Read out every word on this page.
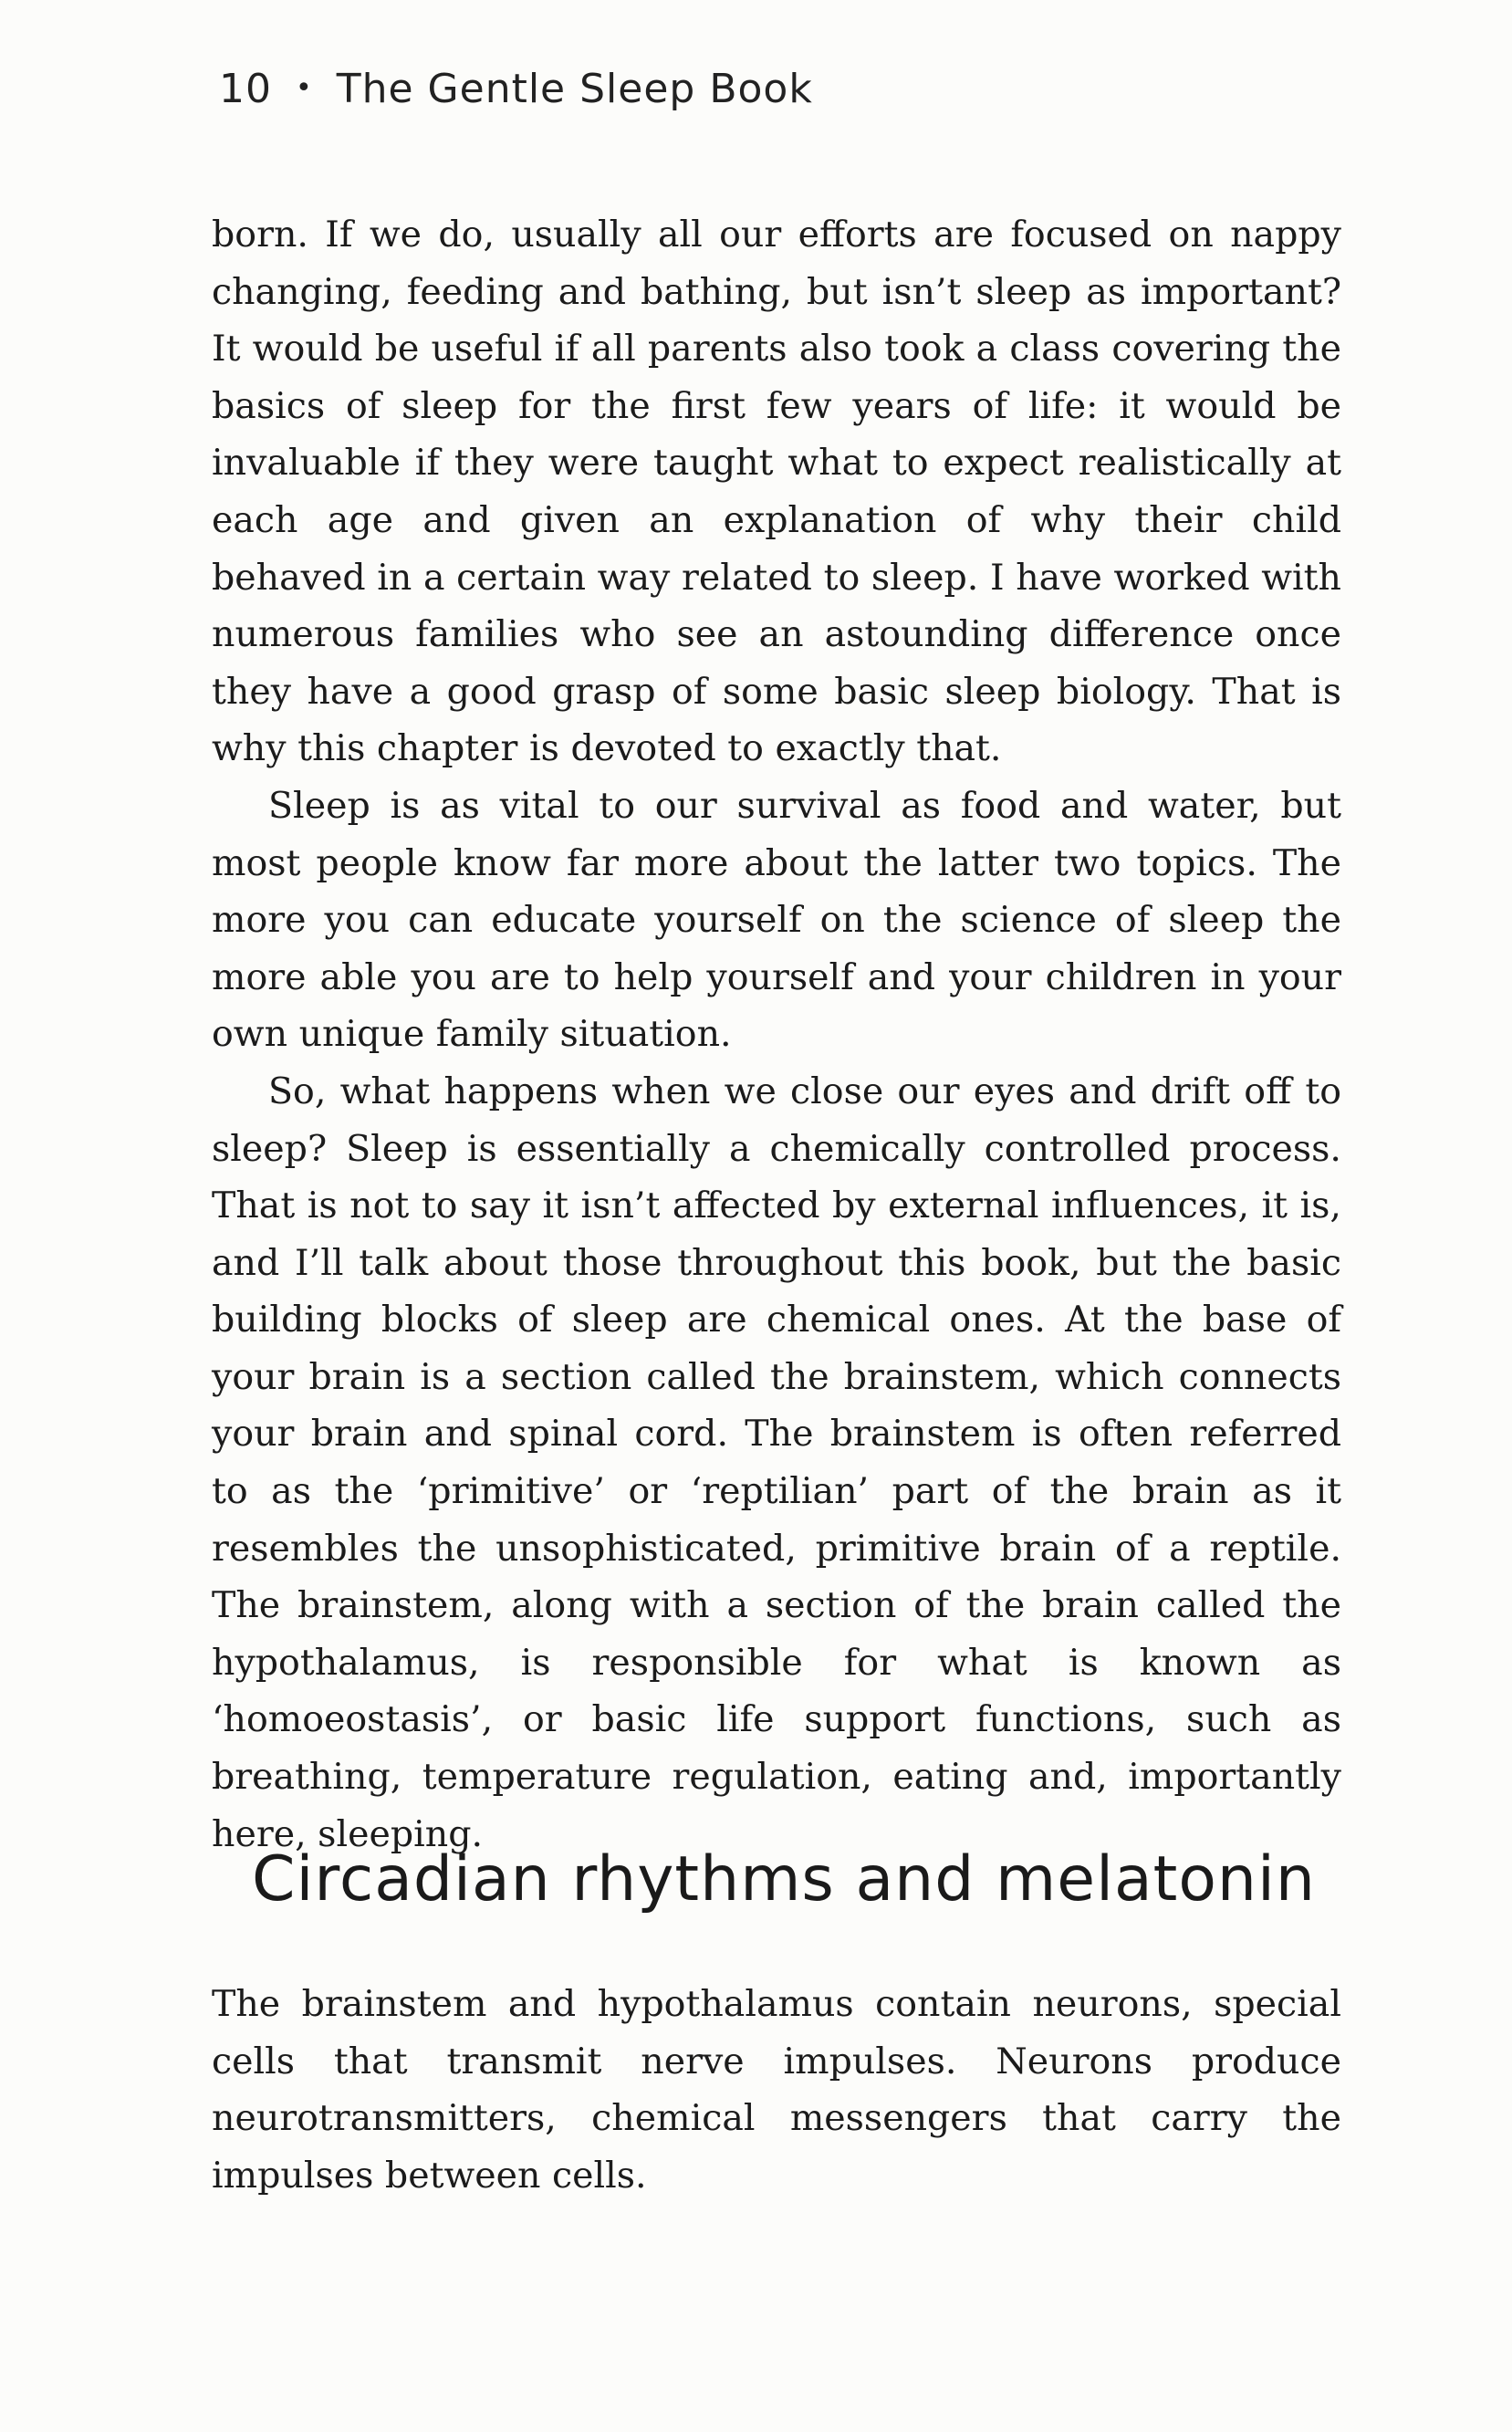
10 • The Gentle Sleep Book

born. If we do, usually all our efforts are focused on nappy changing, feeding and bathing, but isn’t sleep as important? It would be useful if all parents also took a class covering the basics of sleep for the first few years of life: it would be invaluable if they were taught what to expect realistically at each age and given an explanation of why their child behaved in a certain way related to sleep. I have worked with numerous families who see an astounding difference once they have a good grasp of some basic sleep biology. That is why this chapter is devoted to exactly that.

Sleep is as vital to our survival as food and water, but most people know far more about the latter two topics. The more you can educate yourself on the science of sleep the more able you are to help yourself and your children in your own unique family situation.

So, what happens when we close our eyes and drift off to sleep? Sleep is essentially a chemically controlled process. That is not to say it isn’t affected by external influences, it is, and I’ll talk about those throughout this book, but the basic building blocks of sleep are chemical ones. At the base of your brain is a section called the brainstem, which connects your brain and spinal cord. The brainstem is often referred to as the ‘primitive’ or ‘reptilian’ part of the brain as it resembles the unsophisticated, primitive brain of a reptile. The brainstem, along with a section of the brain called the hypothalamus, is responsible for what is known as ‘homoeostasis’, or basic life support functions, such as breathing, temperature regulation, eating and, importantly here, sleeping.

Circadian rhythms and melatonin

The brainstem and hypothalamus contain neurons, special cells that transmit nerve impulses. Neurons produce neurotransmitters, chemical messengers that carry the impulses between cells.
